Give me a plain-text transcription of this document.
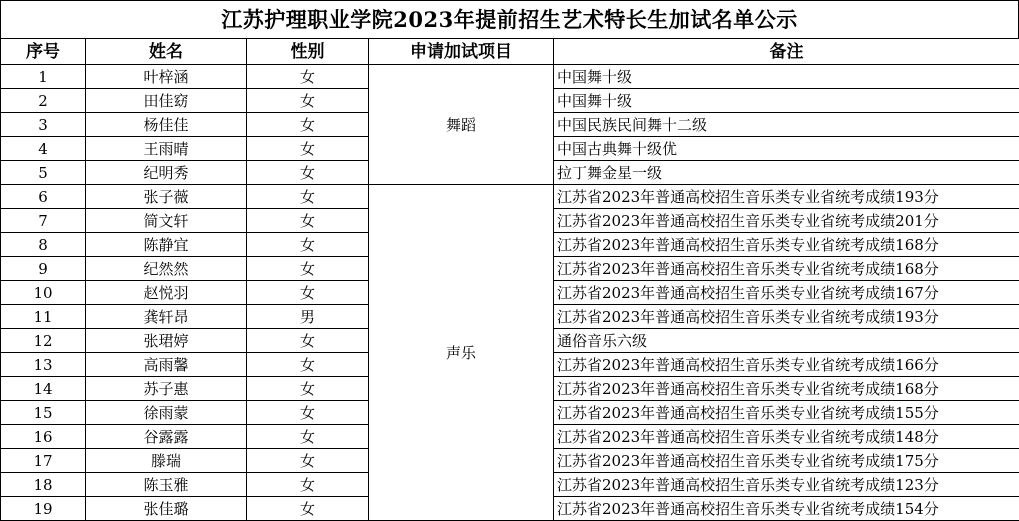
江苏护理职业学院2023年提前招生艺术特长生加试名单公示
序号	姓名	性别	申请加试项目	备注
1	叶梓涵	女	舞蹈	中国舞十级
2	田佳窈	女		中国舞十级
3	杨佳佳	女		中国民族民间舞十二级
4	王雨晴	女		中国古典舞十级优
5	纪明秀	女		拉丁舞金星一级
6	张子薇	女	声乐	江苏省2023年普通高校招生音乐类专业省统考成绩193分
7	简文轩	女		江苏省2023年普通高校招生音乐类专业省统考成绩201分
8	陈静宜	女		江苏省2023年普通高校招生音乐类专业省统考成绩168分
9	纪然然	女		江苏省2023年普通高校招生音乐类专业省统考成绩168分
10	赵悦羽	女		江苏省2023年普通高校招生音乐类专业省统考成绩167分
11	龚轩昂	男		江苏省2023年普通高校招生音乐类专业省统考成绩193分
12	张珺婷	女		通俗音乐六级
13	高雨馨	女		江苏省2023年普通高校招生音乐类专业省统考成绩166分
14	苏子惠	女		江苏省2023年普通高校招生音乐类专业省统考成绩168分
15	徐雨蒙	女		江苏省2023年普通高校招生音乐类专业省统考成绩155分
16	谷露露	女		江苏省2023年普通高校招生音乐类专业省统考成绩148分
17	滕瑞	女		江苏省2023年普通高校招生音乐类专业省统考成绩175分
18	陈玉雅	女		江苏省2023年普通高校招生音乐类专业省统考成绩123分
19	张佳璐	女		江苏省2023年普通高校招生音乐类专业省统考成绩154分
